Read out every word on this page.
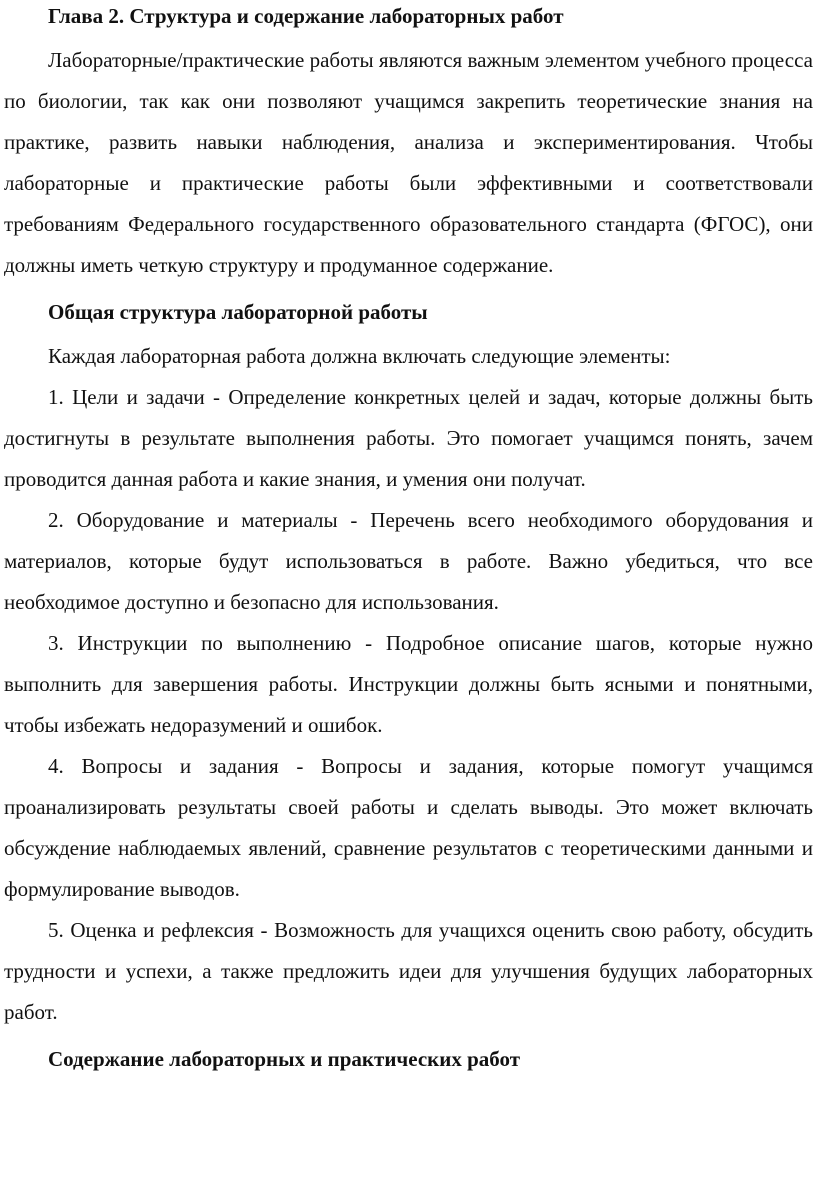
Глава 2. Структура и содержание лабораторных работ

Лабораторные/практические работы являются важным элементом учебного процесса по биологии, так как они позволяют учащимся закрепить теоретические знания на практике, развить навыки наблюдения, анализа и экспериментирования. Чтобы лабораторные и практические работы были эффективными и соответствовали требованиям Федерального государственного образовательного стандарта (ФГОС), они должны иметь четкую структуру и продуманное содержание.

Общая структура лабораторной работы

Каждая лабораторная работа должна включать следующие элементы:

1. Цели и задачи - Определение конкретных целей и задач, которые должны быть достигнуты в результате выполнения работы. Это помогает учащимся понять, зачем проводится данная работа и какие знания, и умения они получат.

2. Оборудование и материалы - Перечень всего необходимого оборудования и материалов, которые будут использоваться в работе. Важно убедиться, что все необходимое доступно и безопасно для использования.

3. Инструкции по выполнению - Подробное описание шагов, которые нужно выполнить для завершения работы. Инструкции должны быть ясными и понятными, чтобы избежать недоразумений и ошибок.

4. Вопросы и задания - Вопросы и задания, которые помогут учащимся проанализировать результаты своей работы и сделать выводы. Это может включать обсуждение наблюдаемых явлений, сравнение результатов с теоретическими данными и формулирование выводов.

5. Оценка и рефлексия - Возможность для учащихся оценить свою работу, обсудить трудности и успехи, а также предложить идеи для улучшения будущих лабораторных работ.

Содержание лабораторных и практических работ
